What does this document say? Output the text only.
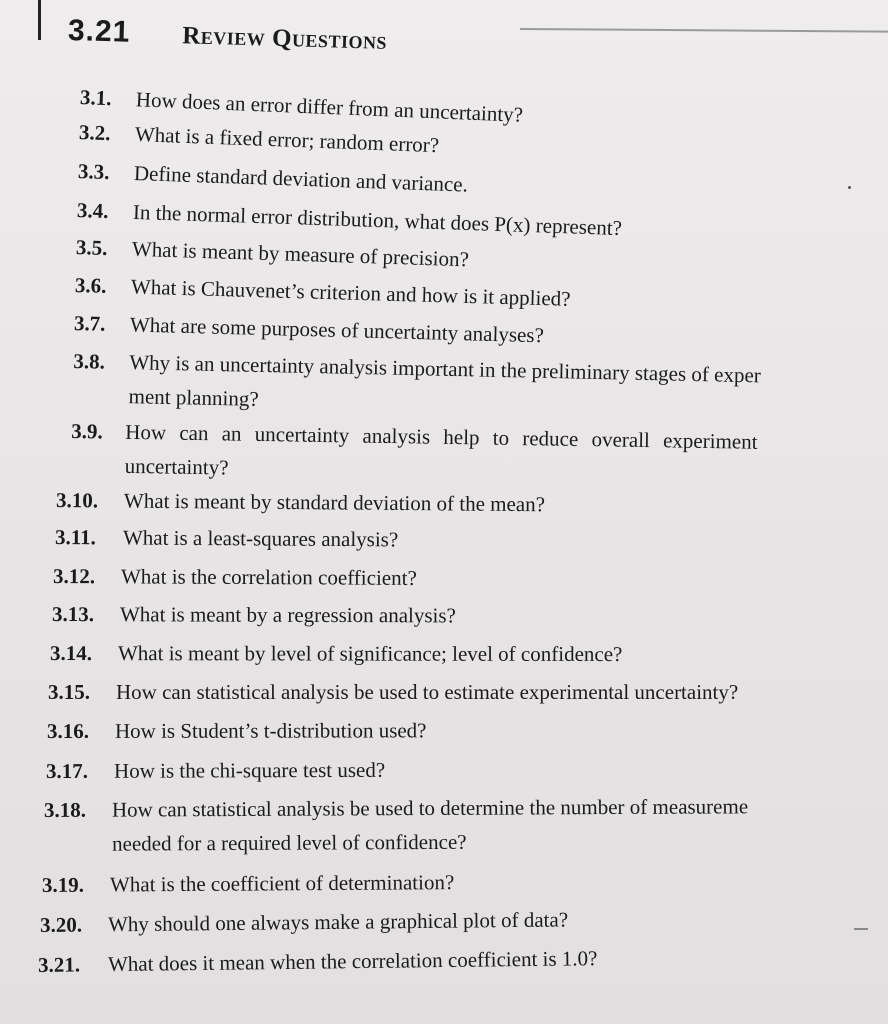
3.21 Review Questions
3.1. How does an error differ from an uncertainty?
3.2. What is a fixed error; random error?
3.3. Define standard deviation and variance.
3.4. In the normal error distribution, what does P(x) represent?
3.5. What is meant by measure of precision?
3.6. What is Chauvenet’s criterion and how is it applied?
3.7. What are some purposes of uncertainty analyses?
3.8. Why is an uncertainty analysis important in the preliminary stages of exper
ment planning?
3.9. How can an uncertainty analysis help to reduce overall experiment
uncertainty?
3.10. What is meant by standard deviation of the mean?
3.11. What is a least-squares analysis?
3.12. What is the correlation coefficient?
3.13. What is meant by a regression analysis?
3.14. What is meant by level of significance; level of confidence?
3.15. How can statistical analysis be used to estimate experimental uncertainty?
3.16. How is Student’s t-distribution used?
3.17. How is the chi-square test used?
3.18. How can statistical analysis be used to determine the number of measureme
needed for a required level of confidence?
3.19. What is the coefficient of determination?
3.20. Why should one always make a graphical plot of data?
3.21. What does it mean when the correlation coefficient is 1.0?
